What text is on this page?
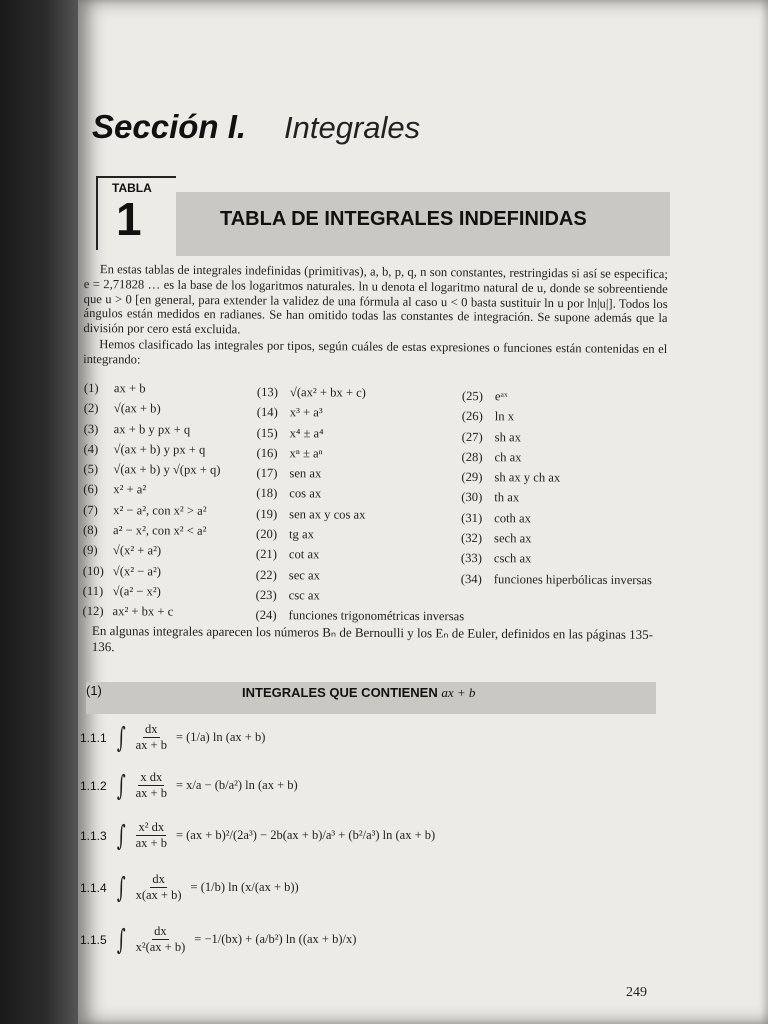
Sección I. Integrales
TABLA
1	TABLA DE INTEGRALES INDEFINIDAS

En estas tablas de integrales indefinidas (primitivas), a, b, p, q, n son constantes, restringidas si así se especifica; e = 2,71828 … es la base de los logaritmos naturales. ln u denota el logaritmo natural de u, donde se sobreentiende que u > 0 [en general, para extender la validez de una fórmula al caso u < 0 basta sustituir ln u por ln|u|]. Todos los ángulos están medidos en radianes. Se han omitido todas las constantes de integración. Se supone además que la división por cero está excluida.

Hemos clasificado las integrales por tipos, según cuáles de estas expresiones o funciones están contenidas en el integrando:

(1) ax + b
(2) √(ax + b)
(3) ax + b y px + q
(4) √(ax + b) y px + q
(5) √(ax + b) y √(px + q)
(6) x² + a²
(7) x² − a², con x² > a²
(8) a² − x², con x² < a²
(9) √(x² + a²)
(10) √(x² − a²)
(11) √(a² − x²)
(12) ax² + bx + c
(13) √(ax² + bx + c)
(14) x³ + a³
(15) x⁴ ± a⁴
(16) xⁿ ± aⁿ
(17) sen ax
(18) cos ax
(19) sen ax y cos ax
(20) tg ax
(21) cot ax
(22) sec ax
(23) csc ax
(24) funciones trigonométricas inversas
(25) eᵃˣ
(26) ln x
(27) sh ax
(28) ch ax
(29) sh ax y ch ax
(30) th ax
(31) coth ax
(32) sech ax
(33) csch ax
(34) funciones hiperbólicas inversas
En algunas integrales aparecen los números Bₙ de Bernoulli y los Eₙ de Euler, definidos en las páginas 135-136.
(1)	INTEGRALES QUE CONTIENEN ax + b
1.1.1 ∫ $\frac{dx}{ax + b} = (1/a)$ ln (ax + b)
1.1.2 ∫ $\frac{\text{x dx}}{ax + b} = x/a - (b/a^2)$ ln (ax + b)
1.1.3 ∫ $\frac{\text{x² dx}}{ax + b} = (ax + b)^2/(2a^3) - 2b(ax + b)/a^3 + (b^2/a^3)$ ln (ax + b)
1.1.4 ∫ $\frac{dx}{x(ax + b)} = (1/b)$ ln (x/(ax + b))
1.1.5 ∫ $\frac{dx}{\text{x²(ax + b)}} = -1/(bx) + (a/b^2)$ ln ((ax + b)/x)
249
